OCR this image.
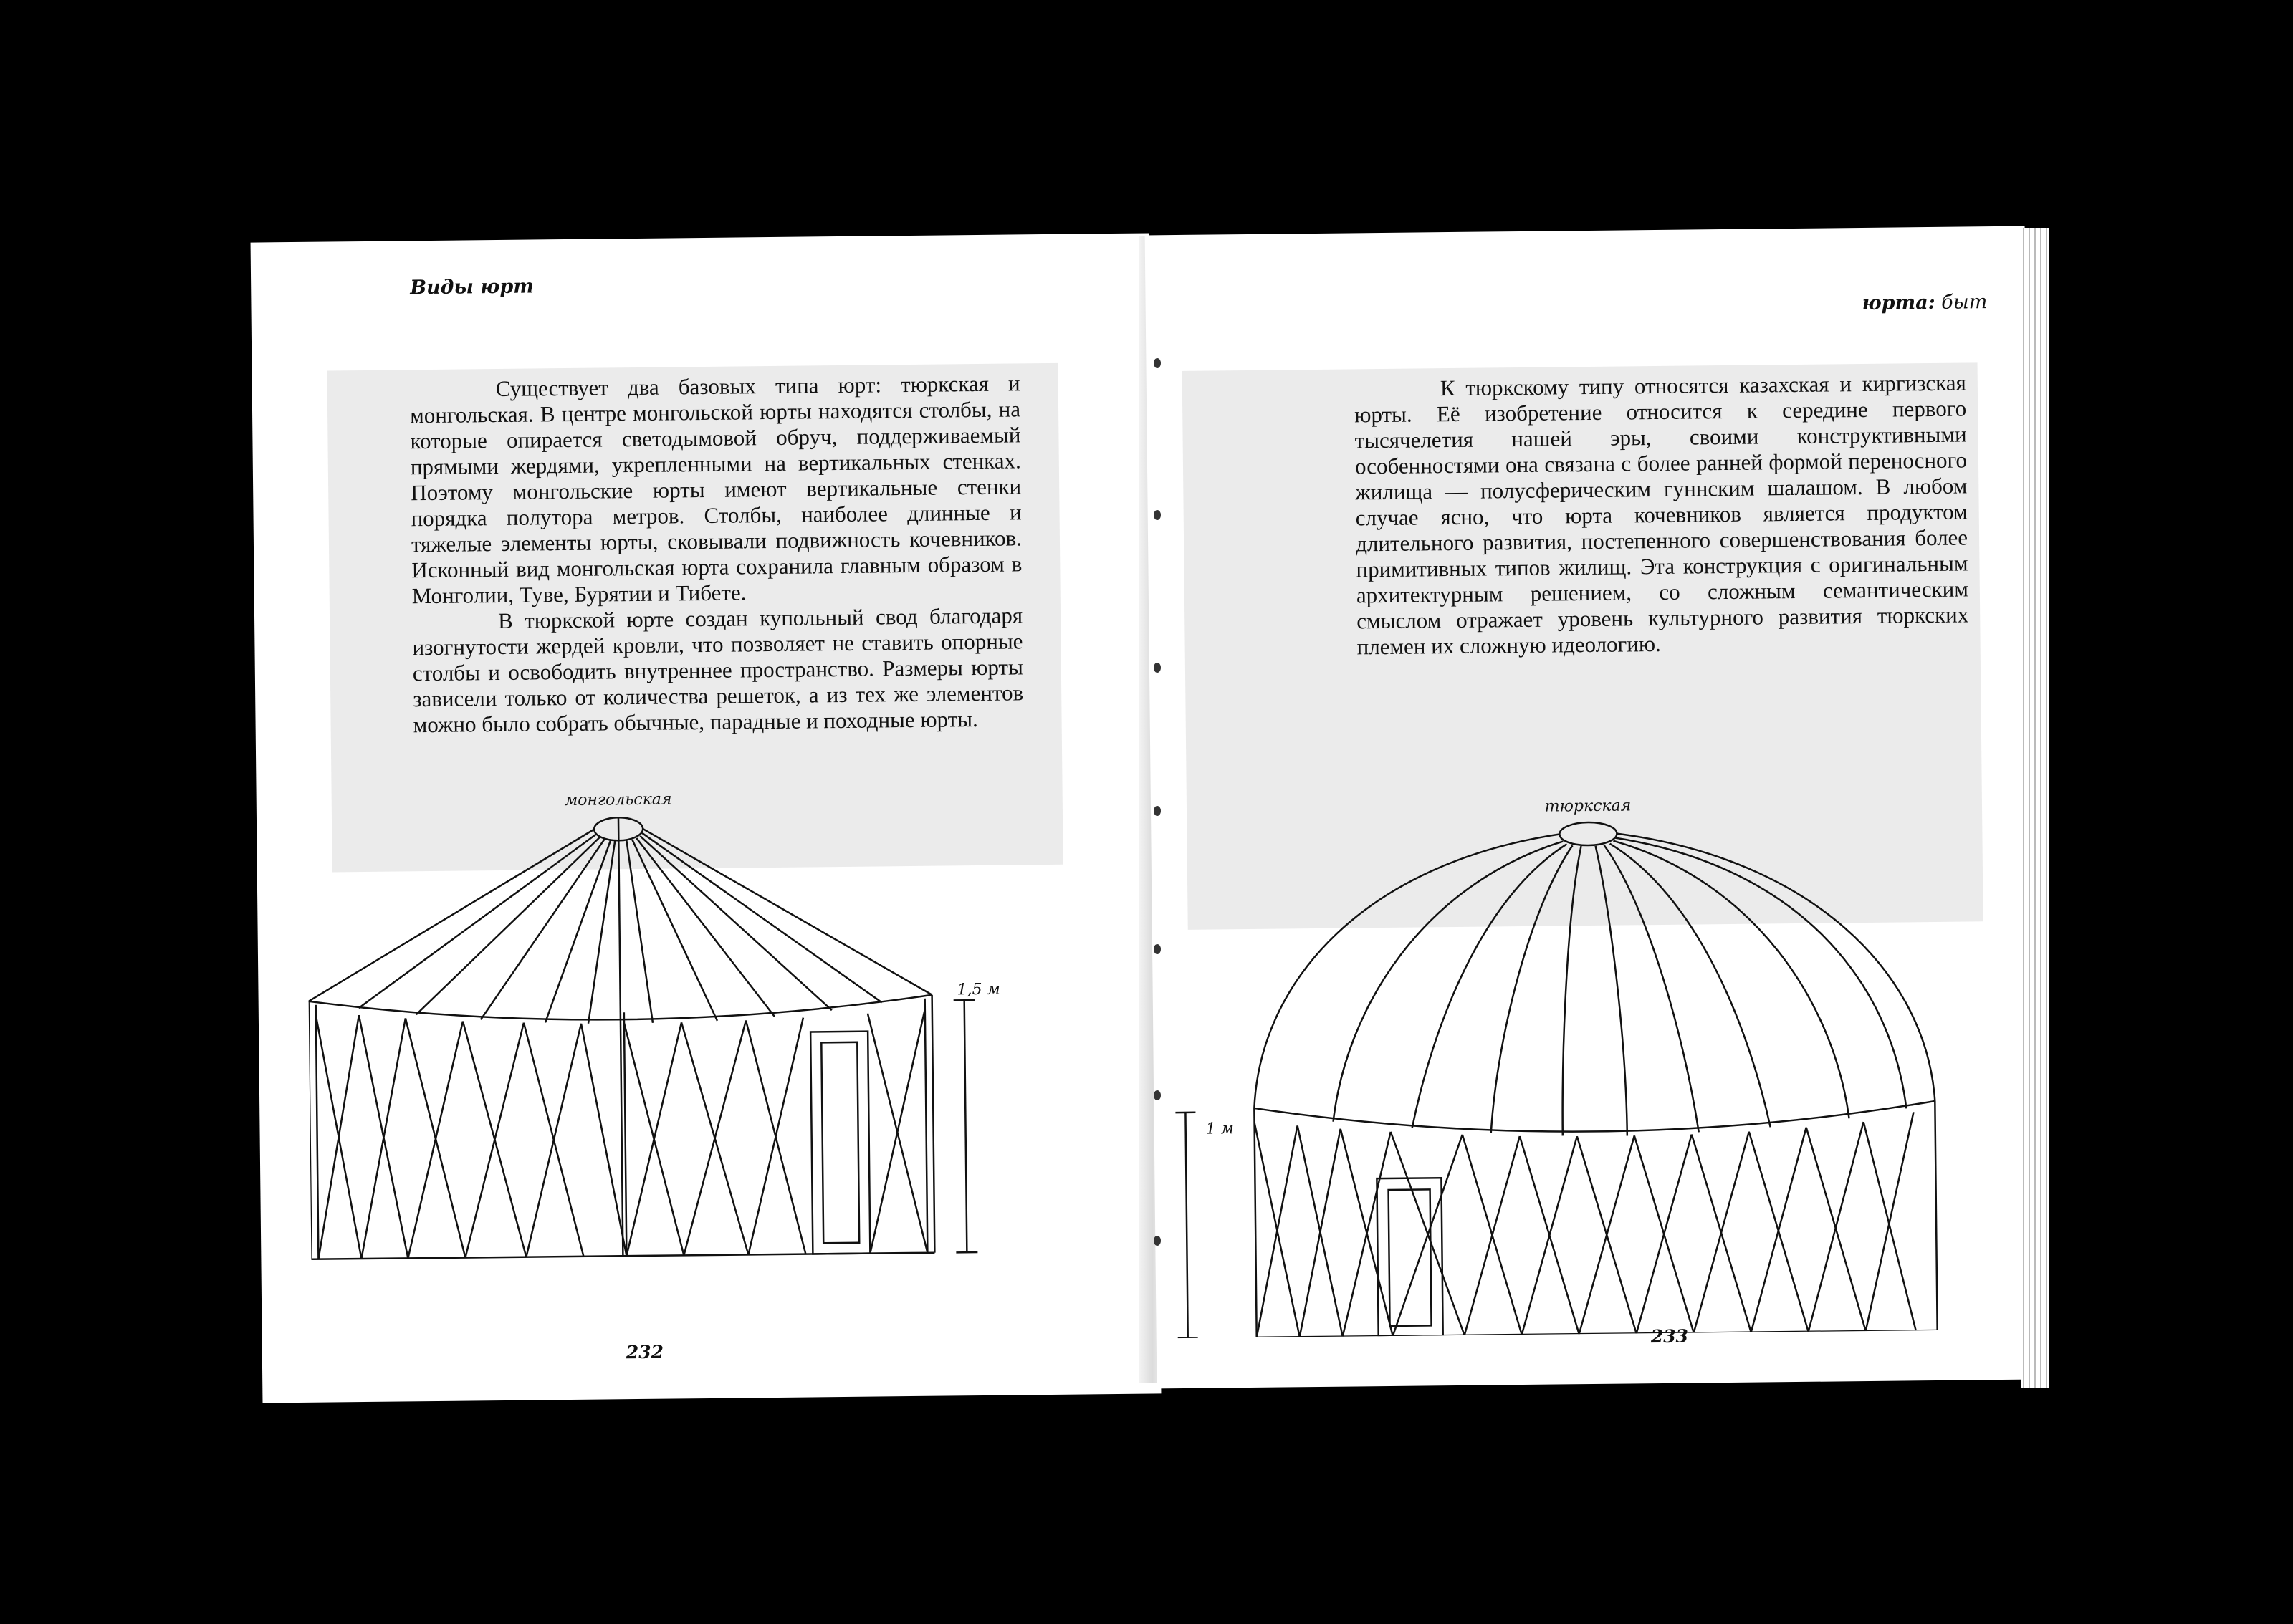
Виды юрт

Существует два базовых типа юрт: тюркская и монгольская. В центре монгольской юрты находятся столбы, на которые опирается светодымовой обруч, поддерживаемый прямыми жердями, укрепленными на вертикальных стенках. Поэтому монгольские юрты имеют вертикальные стенки порядка полутора метров. Столбы, наиболее длинные и тяжелые элементы юрты, сковывали подвижность кочевников. Исконный вид монгольская юрта сохранила главным образом в Монголии, Туве, Бурятии и Тибете.

В тюркской юрте создан купольный свод благодаря изогнутости жердей кровли, что позволяет не ставить опорные столбы и освободить внутреннее пространство. Размеры юрты зависели только от количества решеток, а из тех же элементов можно было собрать обычные, парадные и походные юрты.

монгольская
1,5 м
232
юрта: быт

К тюркскому типу относятся казахская и киргизская юрты. Её изобретение относится к середине первого тысячелетия нашей эры, своими конструктивными особенностями она связана с более ранней формой переносного жилища — полусферическим гуннским шалашом. В любом случае ясно, что юрта кочевников является продуктом длительного развития, постепенного совершенствования более примитивных типов жилищ. Эта конструкция с оригинальным архитектурным решением, со сложным семантическим смыслом отражает уровень культурного развития тюркских племен их сложную идеологию.

тюркская
1 м
233
